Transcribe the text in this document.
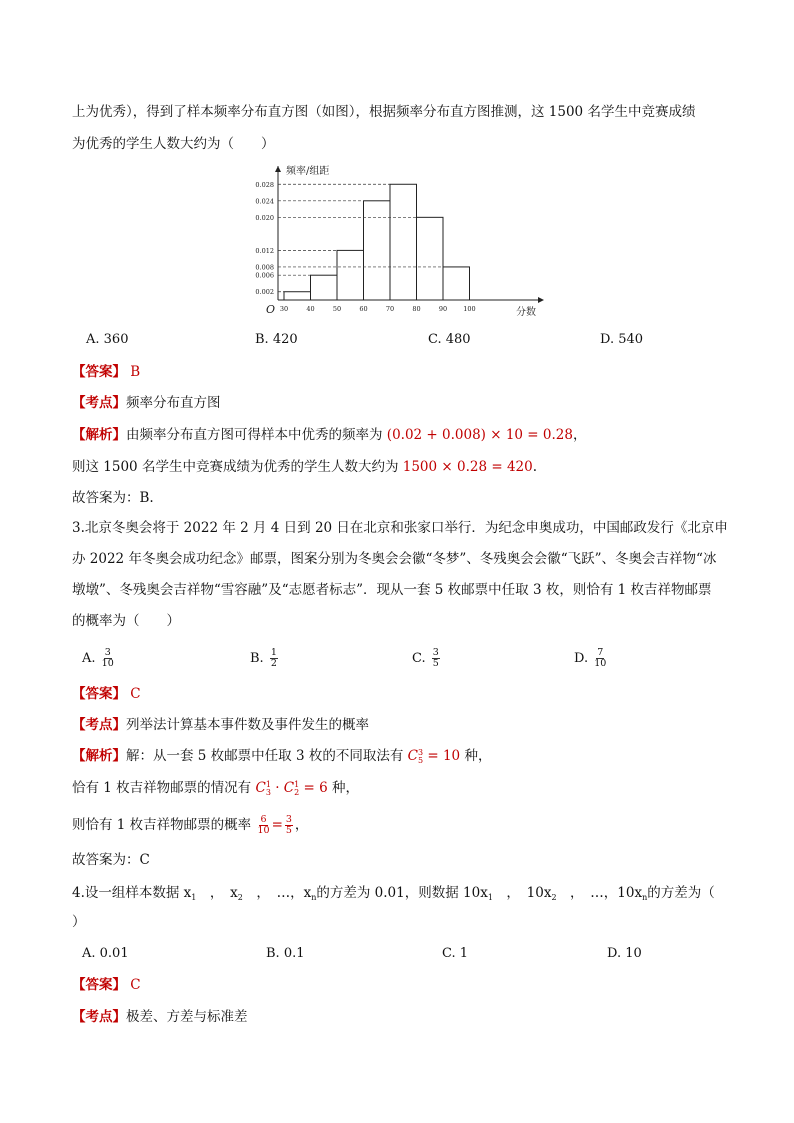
上为优秀），得到了样本频率分布直方图（如图），根据频率分布直方图推测，这 1500 名学生中竞赛成绩
为优秀的学生人数大约为（　　）
0.002
0.006
0.008
0.012
0.020
0.024
0.028
30	40	50	60	70	80	90 100
频率/组距
分数
O
A. 360	B. 420	C. 480	D. 540
【答案】 B
【考点】频率分布直方图
【解析】由频率分布直方图可得样本中优秀的频率为 (0.02 + 0.008) × 10 = 0.28，
则这 1500 名学生中竞赛成绩为优秀的学生人数大约为 1500 × 0.28 = 420.
故答案为：B.
3.北京冬奥会将于 2022 年 2 月 4 日到 20 日在北京和张家口举行．为纪念申奥成功，中国邮政发行《北京申
办 2022 年冬奥会成功纪念》邮票，图案分别为冬奥会会徽“冬梦”、冬残奥会会徽“飞跃”、冬奥会吉祥物“冰
墩墩”、冬残奥会吉祥物“雪容融”及“志愿者标志”．现从一套 5 枚邮票中任取 3 枚，则恰有 1 枚吉祥物邮票
的概率为（　　）
A. $\frac{3}{10}$	B. $\frac{1}{2}$	C. $\frac{3}{5}$	D. $\frac{7}{10}$
【答案】 C
【考点】列举法计算基本事件数及事件发生的概率
【解析】解：从一套 5 枚邮票中任取 3 枚的不同取法有 C 3
5 = 10 种，
恰有 1 枚吉祥物邮票的情况有 C 1
3 · C 1
2 = 6 种，
则恰有 1 枚吉祥物邮票的概率 $\frac{6}{10} = \frac{3}{5}$ ，
故答案为：C
4.设一组样本数据 $x_1$　，　$x_2$　，　…，$x_n$的方差为 0.01，则数据 $10x_1$　，　$10x_2$　，　…，$10x_n$的方差为（
）
A. 0.01	B. 0.1	C. 1	D. 10
【答案】 C
【考点】极差、方差与标准差
